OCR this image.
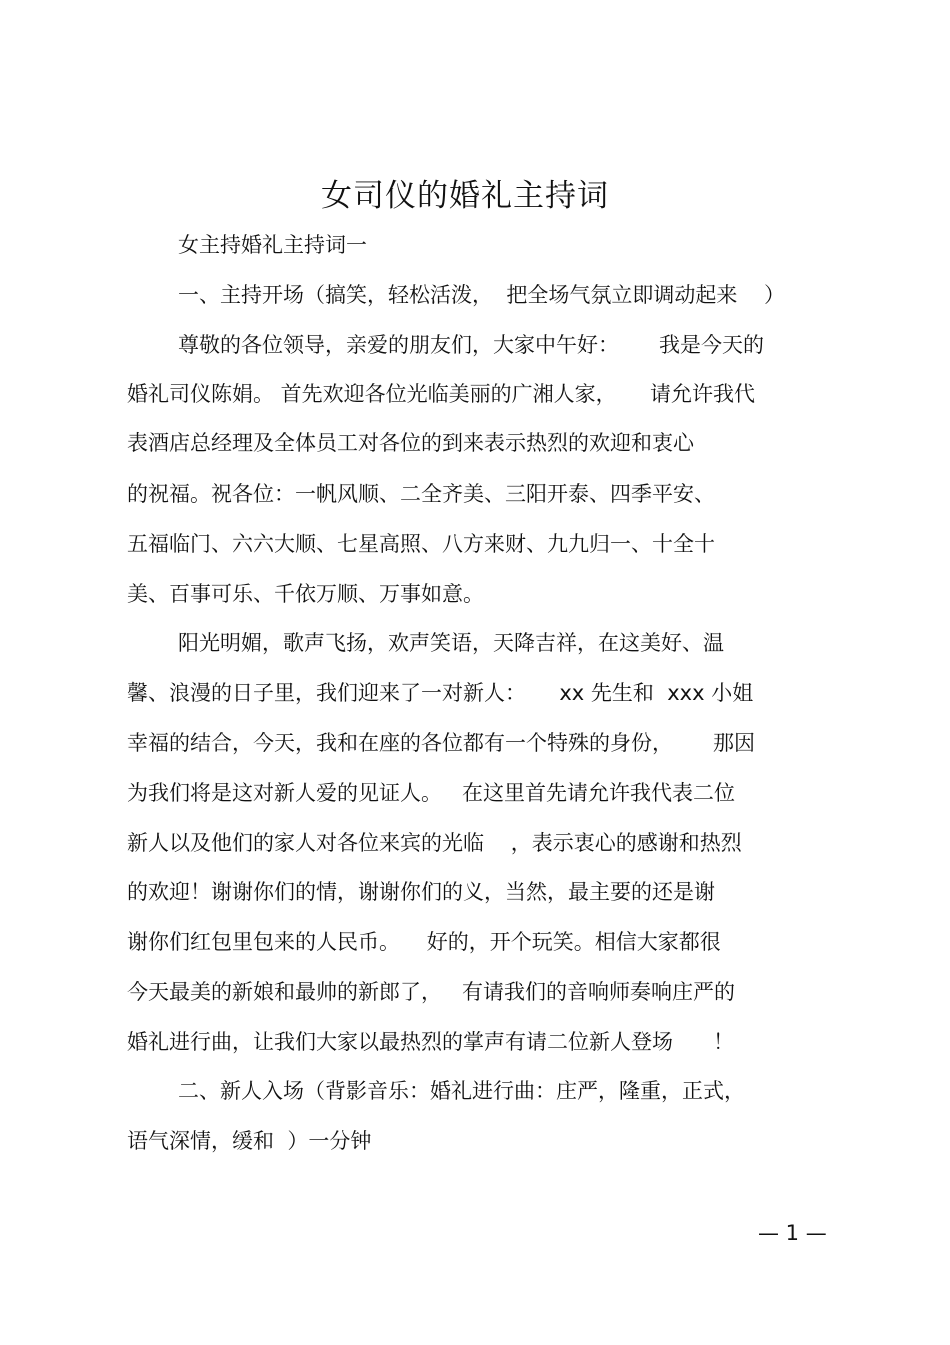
女司仪的婚礼主持词
女主持婚礼主持词一
一、主持开场（搞笑，轻松活泼，  把全场气氛立即调动起来    ）
尊敬的各位领导，亲爱的朋友们，大家中午好：      我是今天的
婚礼司仪陈娟。 首先欢迎各位光临美丽的广湘人家，     请允许我代
表酒店总经理及全体员工对各位的到来表示热烈的欢迎和衷心
的祝福。祝各位：一帆风顺、二全齐美、三阳开泰、四季平安、
五福临门、六六大顺、七星高照、八方来财、九九归一、十全十
美、百事可乐、千依万顺、万事如意。
阳光明媚，歌声飞扬，欢声笑语，天降吉祥，在这美好、温
馨、浪漫的日子里，我们迎来了一对新人：     xx 先生和  xxx 小姐
幸福的结合，今天，我和在座的各位都有一个特殊的身份，      那因
为我们将是这对新人爱的见证人。   在这里首先请允许我代表二位
新人以及他们的家人对各位来宾的光临    ，表示衷心的感谢和热烈
的欢迎！谢谢你们的情，谢谢你们的义，当然，最主要的还是谢
谢你们红包里包来的人民币。    好的，开个玩笑。相信大家都很
今天最美的新娘和最帅的新郎了，   有请我们的音响师奏响庄严的
婚礼进行曲，让我们大家以最热烈的掌声有请二位新人登场      ！
二、新人入场（背影音乐：婚礼进行曲：庄严，隆重，正式，
语气深情，缓和  ）一分钟
— 1 —
